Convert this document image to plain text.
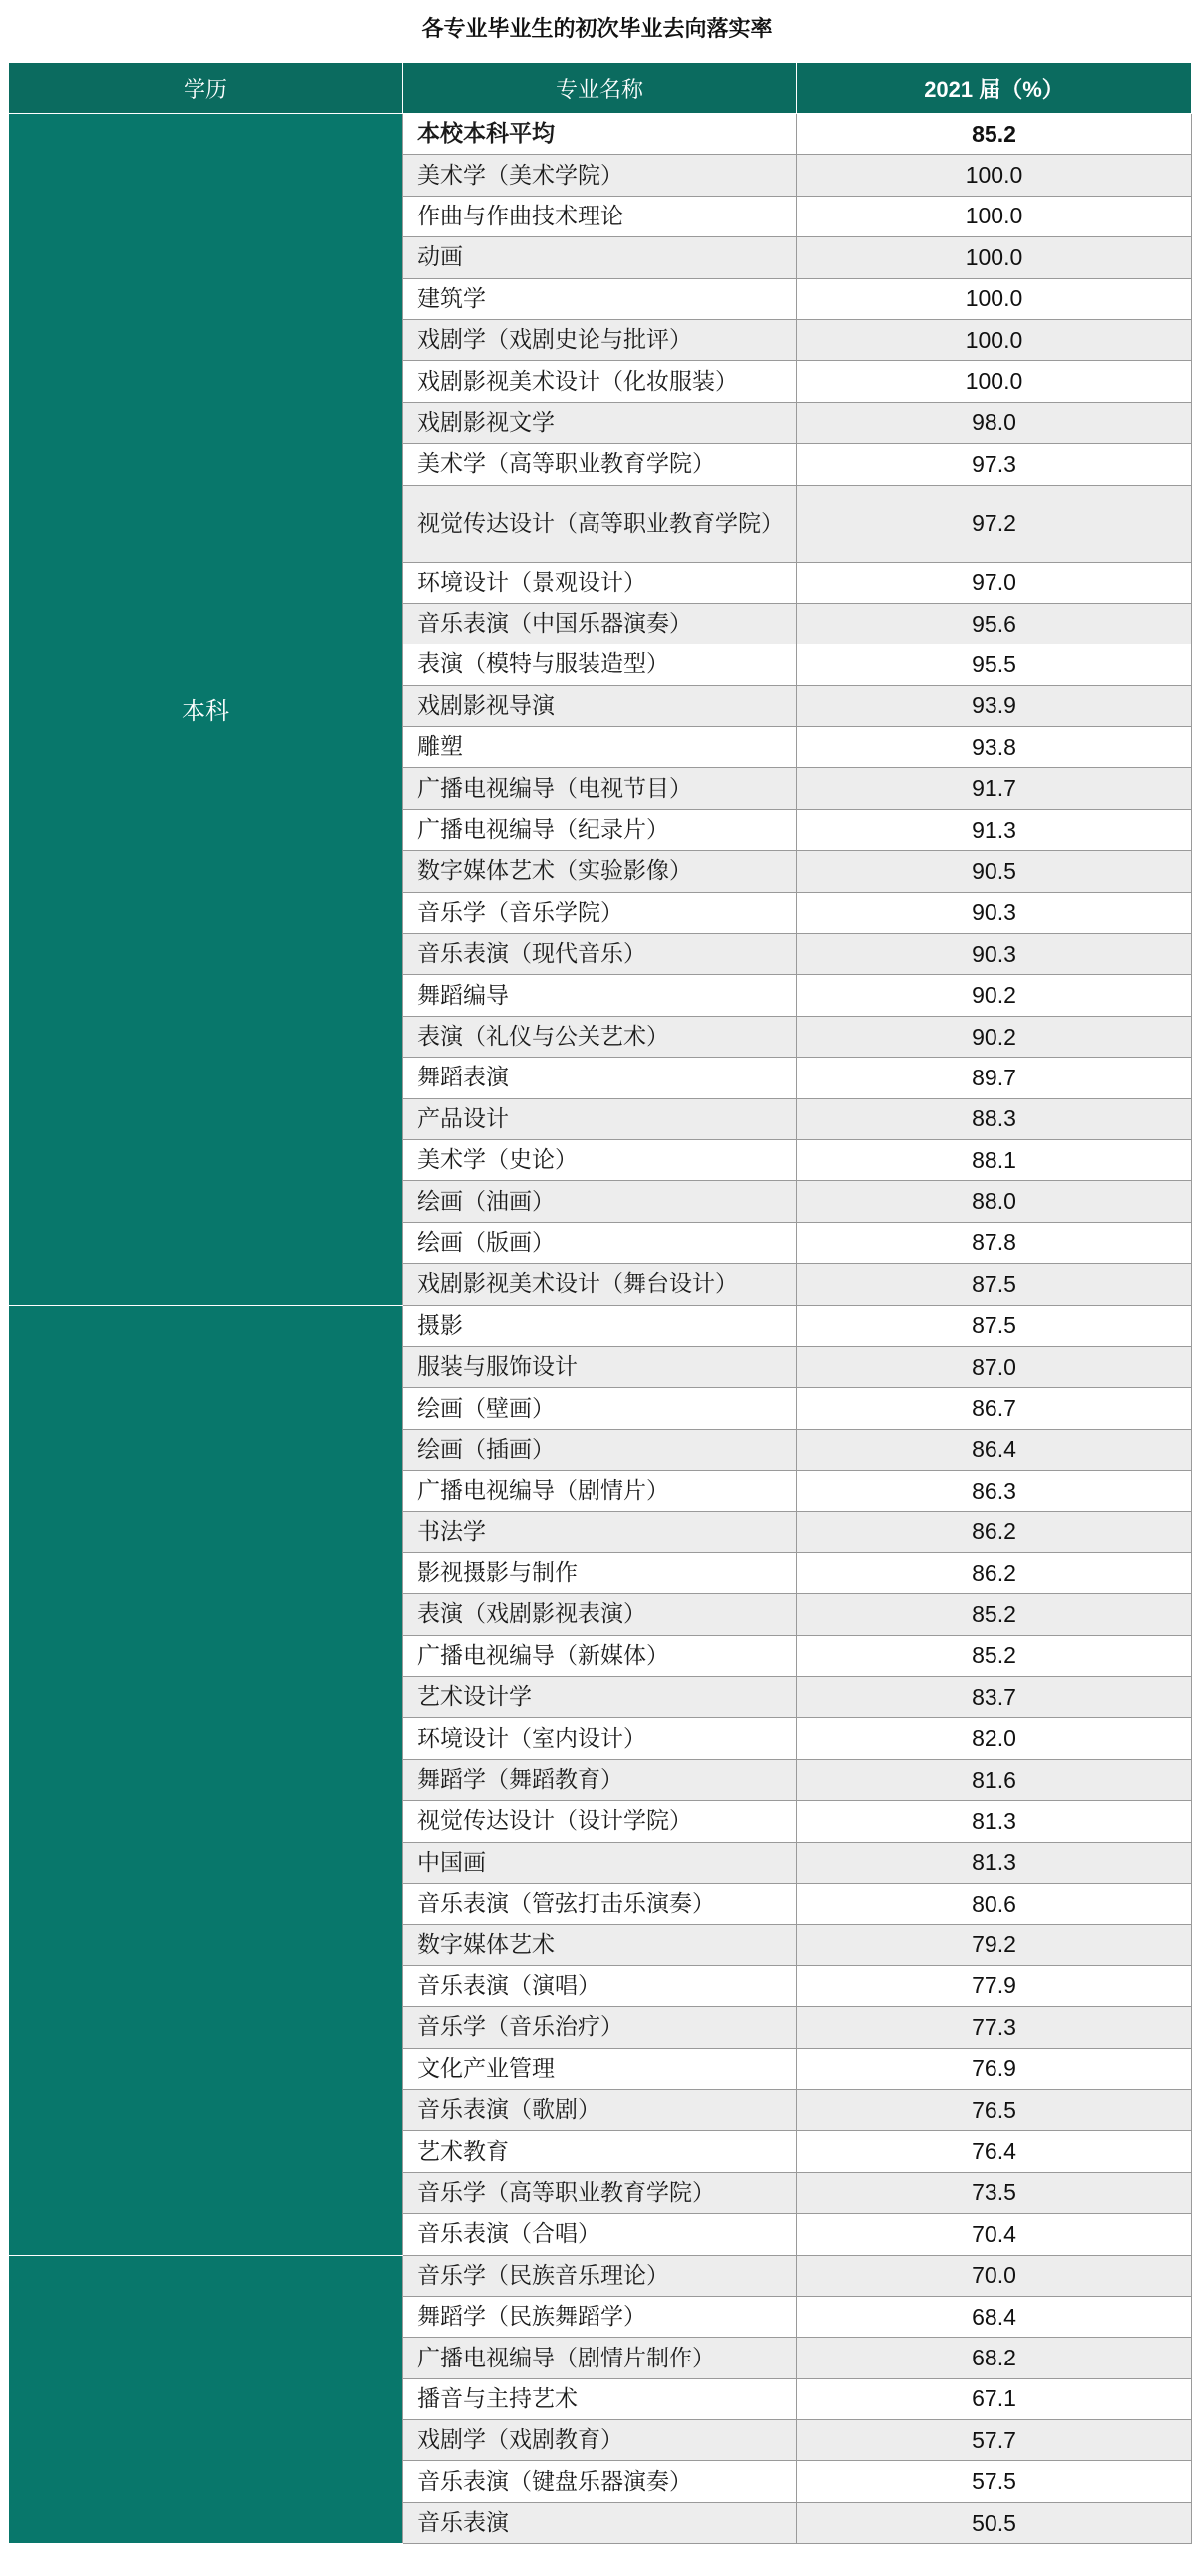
各专业毕业生的初次毕业去向落实率
学历	专业名称	2021 届（%）
本科	本校本科平均	85.2
	美术学（美术学院）	100.0
	作曲与作曲技术理论	100.0
	动画	100.0
	建筑学	100.0
	戏剧学（戏剧史论与批评）	100.0
	戏剧影视美术设计（化妆服装）	100.0
	戏剧影视文学	98.0
	美术学（高等职业教育学院）	97.3
	视觉传达设计（高等职业教育学院）	97.2
	环境设计（景观设计）	97.0
	音乐表演（中国乐器演奏）	95.6
	表演（模特与服装造型）	95.5
	戏剧影视导演	93.9
	雕塑	93.8
	广播电视编导（电视节目）	91.7
	广播电视编导（纪录片）	91.3
	数字媒体艺术（实验影像）	90.5
	音乐学（音乐学院）	90.3
	音乐表演（现代音乐）	90.3
	舞蹈编导	90.2
	表演（礼仪与公关艺术）	90.2
	舞蹈表演	89.7
	产品设计	88.3
	美术学（史论）	88.1
	绘画（油画）	88.0
	绘画（版画）	87.8
	戏剧影视美术设计（舞台设计）	87.5
	摄影	87.5
	服装与服饰设计	87.0
	绘画（壁画）	86.7
	绘画（插画）	86.4
	广播电视编导（剧情片）	86.3
	书法学	86.2
	影视摄影与制作	86.2
	表演（戏剧影视表演）	85.2
	广播电视编导（新媒体）	85.2
	艺术设计学	83.7
	环境设计（室内设计）	82.0
	舞蹈学（舞蹈教育）	81.6
	视觉传达设计（设计学院）	81.3
	中国画	81.3
	音乐表演（管弦打击乐演奏）	80.6
	数字媒体艺术	79.2
	音乐表演（演唱）	77.9
	音乐学（音乐治疗）	77.3
	文化产业管理	76.9
	音乐表演（歌剧）	76.5
	艺术教育	76.4
	音乐学（高等职业教育学院）	73.5
	音乐表演（合唱）	70.4
	音乐学（民族音乐理论）	70.0
	舞蹈学（民族舞蹈学）	68.4
	广播电视编导（剧情片制作）	68.2
	播音与主持艺术	67.1
	戏剧学（戏剧教育）	57.7
	音乐表演（键盘乐器演奏）	57.5
	音乐表演	50.5
